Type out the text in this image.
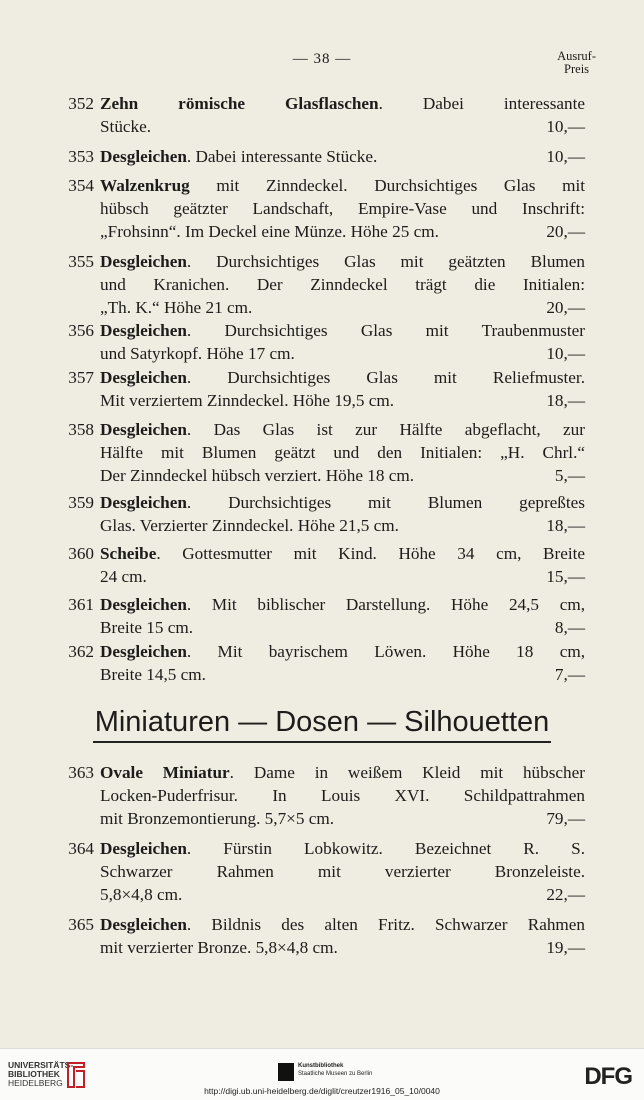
— 38 —	Ausruf-
Preis
352 Zehn römische Glasflaschen. Dabei interessante
Stücke.	10,—
353 Desgleichen. Dabei interessante Stücke.	10,—
354 Walzenkrug mit Zinndeckel. Durchsichtiges Glas mit
hübsch geätzter Landschaft, Empire-Vase und Inschrift:
„Frohsinn“. Im Deckel eine Münze. Höhe 25 cm.	20,—
355 Desgleichen. Durchsichtiges Glas mit geätzten Blumen
und Kranichen. Der Zinndeckel trägt die Initialen:
„Th. K.“ Höhe 21 cm.	20,—
356 Desgleichen. Durchsichtiges Glas mit Traubenmuster
und Satyrkopf. Höhe 17 cm.	10,—
357 Desgleichen. Durchsichtiges Glas mit Reliefmuster.
Mit verziertem Zinndeckel. Höhe 19,5 cm.	18,—
358 Desgleichen. Das Glas ist zur Hälfte abgeflacht, zur
Hälfte mit Blumen geätzt und den Initialen: „H. Chrl.“
Der Zinndeckel hübsch verziert. Höhe 18 cm.	5,—
359 Desgleichen. Durchsichtiges mit Blumen gepreßtes
Glas. Verzierter Zinndeckel. Höhe 21,5 cm.	18,—
360 Scheibe. Gottesmutter mit Kind. Höhe 34 cm, Breite
24 cm.	15,—
361 Desgleichen. Mit biblischer Darstellung. Höhe 24,5 cm,
Breite 15 cm.	8,—
362 Desgleichen. Mit bayrischem Löwen. Höhe 18 cm,
Breite 14,5 cm.	7,—
Miniaturen — Dosen — Silhouetten
363 Ovale Miniatur. Dame in weißem Kleid mit hübscher
Locken-Puderfrisur. In Louis XVI. Schildpattrahmen
mit Bronzemontierung. 5,7×5 cm.	79,—
364 Desgleichen. Fürstin Lobkowitz. Bezeichnet R. S.
Schwarzer Rahmen mit verzierter Bronzeleiste.
5,8×4,8 cm.	22,—
365 Desgleichen. Bildnis des alten Fritz. Schwarzer Rahmen
mit verzierter Bronze. 5,8×4,8 cm.	19,—
UNIVERSITÄTS-
BIBLIOTHEK
HEIDELBERG
Kunstbibliothek
Staatliche Museen zu Berlin
http://digi.ub.uni-heidelberg.de/diglit/creutzer1916_05_10/0040
DFG
